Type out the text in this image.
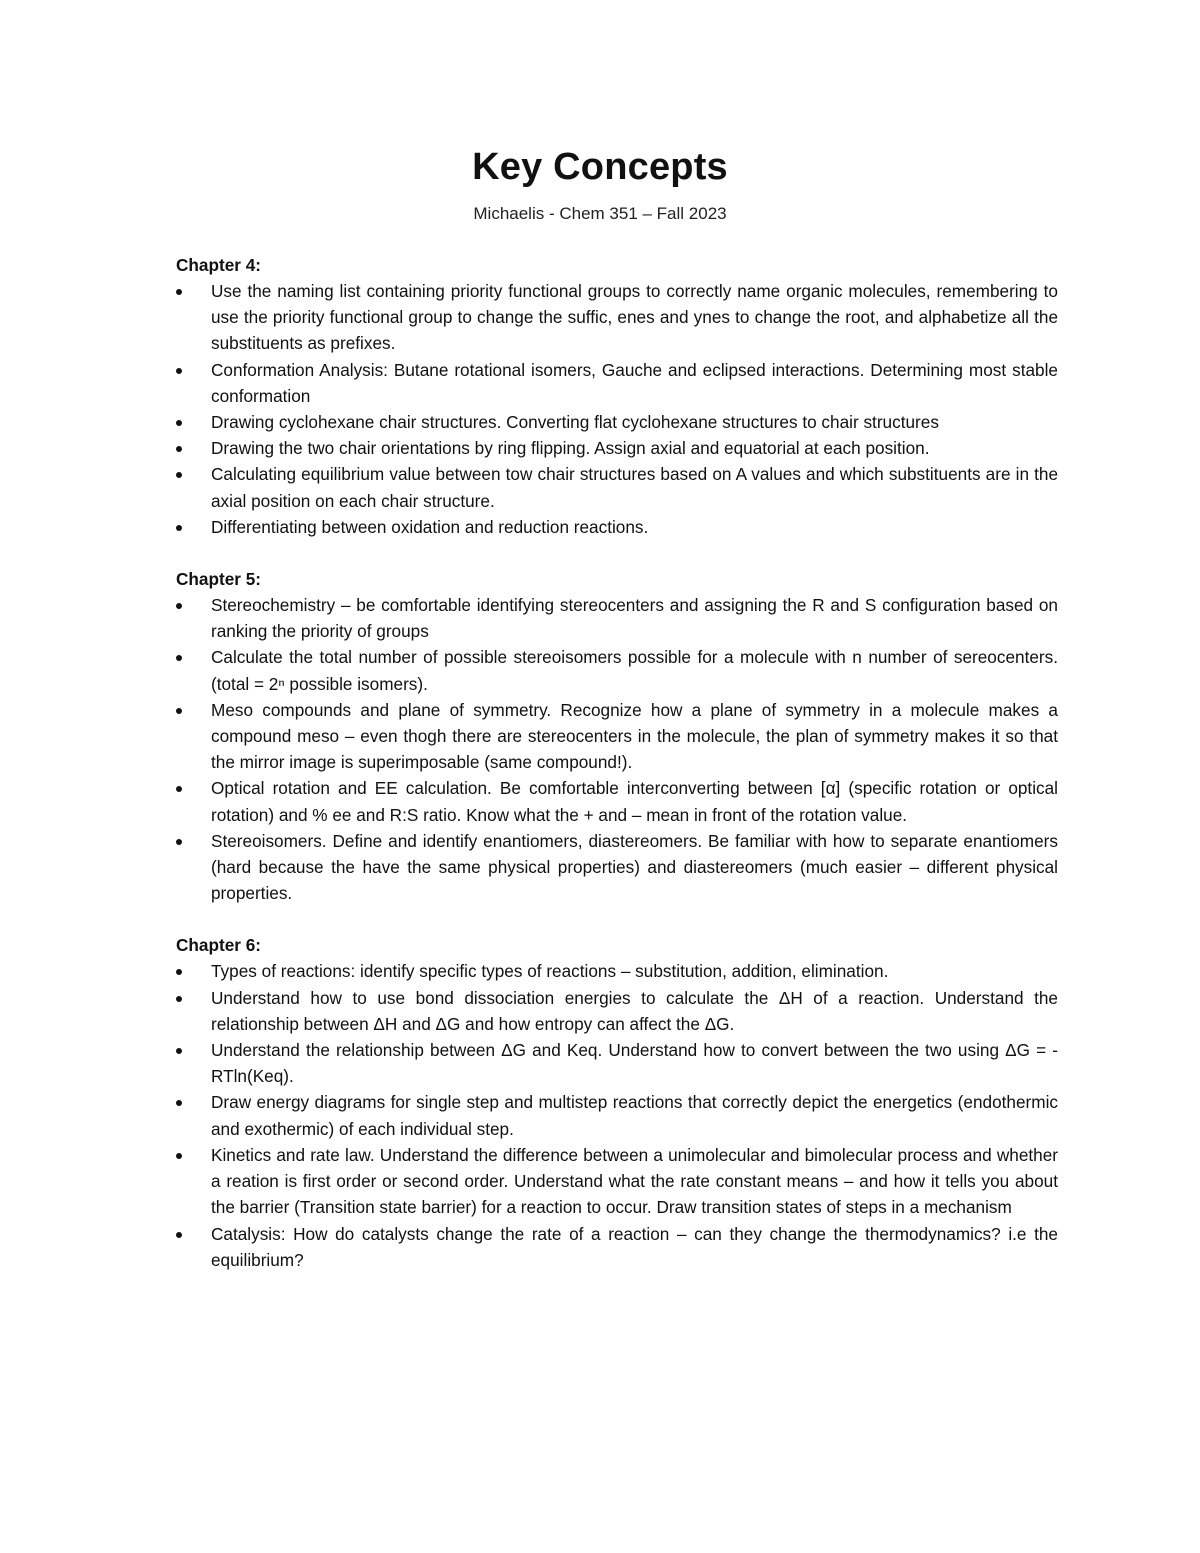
Key Concepts
Michaelis - Chem 351 – Fall 2023
Chapter 4:
Use the naming list containing priority functional groups to correctly name organic molecules, remembering to use the priority functional group to change the suffic, enes and ynes to change the root, and alphabetize all the substituents as prefixes.
Conformation Analysis: Butane rotational isomers, Gauche and eclipsed interactions. Determining most stable conformation
Drawing cyclohexane chair structures. Converting flat cyclohexane structures to chair structures
Drawing the two chair orientations by ring flipping. Assign axial and equatorial at each position.
Calculating equilibrium value between tow chair structures based on A values and which substituents are in the axial position on each chair structure.
Differentiating between oxidation and reduction reactions.
Chapter 5:
Stereochemistry – be comfortable identifying stereocenters and assigning the R and S configuration based on ranking the priority of groups
Calculate the total number of possible stereoisomers possible for a molecule with n number of sereocenters. (total = 2ⁿ possible isomers).
Meso compounds and plane of symmetry. Recognize how a plane of symmetry in a molecule makes a compound meso – even thogh there are stereocenters in the molecule, the plan of symmetry makes it so that the mirror image is superimposable (same compound!).
Optical rotation and EE calculation. Be comfortable interconverting between [α] (specific rotation or optical rotation) and % ee and R:S ratio. Know what the + and – mean in front of the rotation value.
Stereoisomers. Define and identify enantiomers, diastereomers. Be familiar with how to separate enantiomers (hard because the have the same physical properties) and diastereomers (much easier – different physical properties.
Chapter 6:
Types of reactions: identify specific types of reactions – substitution, addition, elimination.
Understand how to use bond dissociation energies to calculate the ΔH of a reaction. Understand the relationship between ΔH and ΔG and how entropy can affect the ΔG.
Understand the relationship between ΔG and Keq. Understand how to convert between the two using ΔG = -RTln(Keq).
Draw energy diagrams for single step and multistep reactions that correctly depict the energetics (endothermic and exothermic) of each individual step.
Kinetics and rate law. Understand the difference between a unimolecular and bimolecular process and whether a reation is first order or second order. Understand what the rate constant means – and how it tells you about the barrier (Transition state barrier) for a reaction to occur. Draw transition states of steps in a mechanism
Catalysis: How do catalysts change the rate of a reaction – can they change the thermodynamics? i.e the equilibrium?
